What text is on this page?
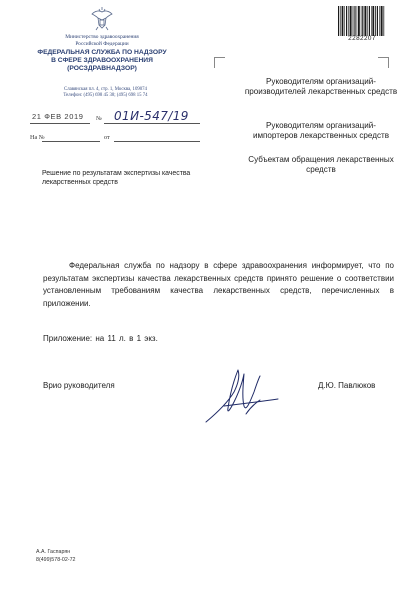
Министерство здравоохранения
Российской Федерации
ФЕДЕРАЛЬНАЯ СЛУЖБА ПО НАДЗОРУ
В СФЕРЕ ЗДРАВООХРАНЕНИЯ
(РОСЗДРАВНАДЗОР)
Славянская пл. 4, стр. 1, Москва, 109074
Телефон: (495) 698 45 38; (495) 698 15 74
21 ФЕВ 2019 № 01И-547/19
На №	от
Решение по результатам экспертизы качества лекарственных средств
2282207
Руководителям организаций-производителей лекарственных средств
Руководителям организаций-импортеров лекарственных средств
Субъектам обращения лекарственных средств
Федеральная служба по надзору в сфере здравоохранения информирует, что по результатам экспертизы качества лекарственных средств принято решение о соответствии установленным требованиям качества лекарственных средств, перечисленных в приложении.
Приложение: на 11 л. в 1 экз.
Врио руководителя	Д.Ю. Павлюков
А.А. Гаспарян
8(499)578-02-72
